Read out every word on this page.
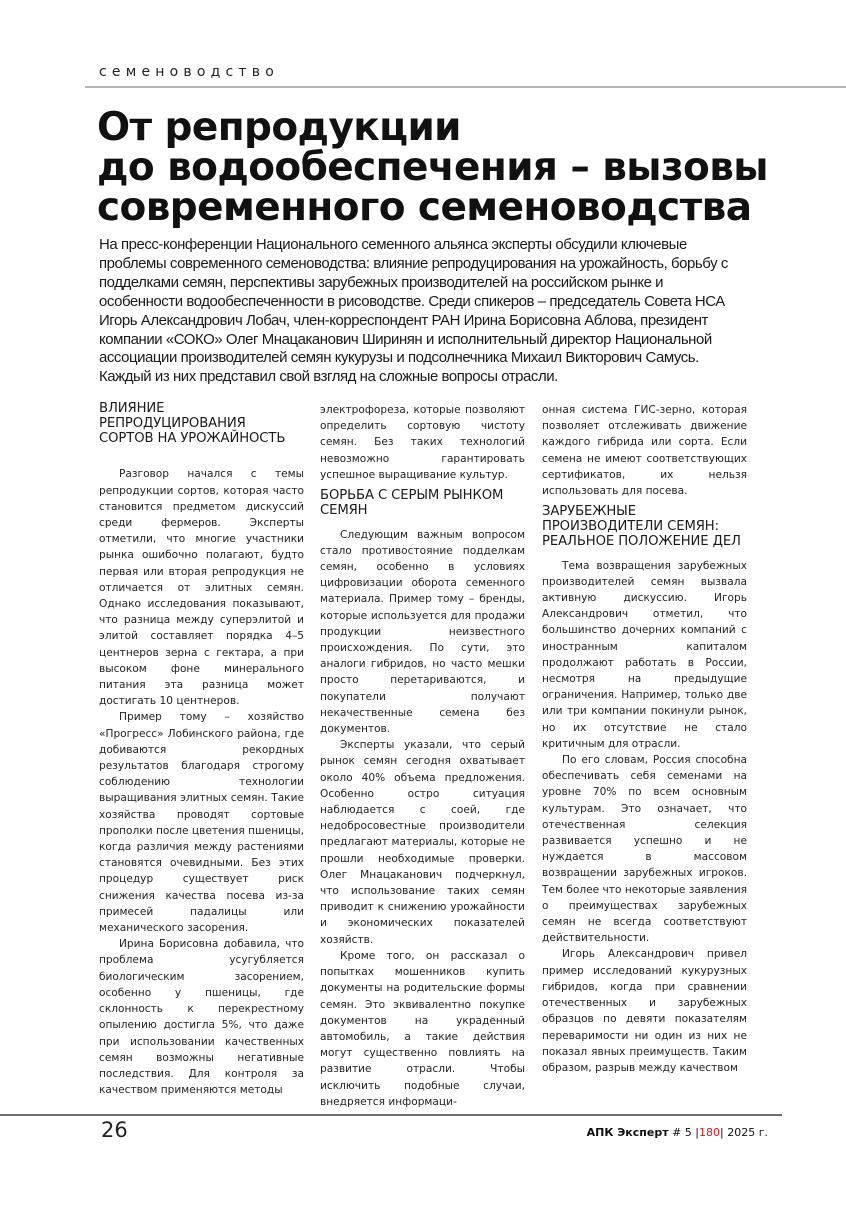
семеноводство
От репродукции
до водообеспечения – вызовы
современного семеноводства

На пресс-конференции Национального семенного альянса эксперты обсудили ключевые проблемы современного семеноводства: влияние репродуцирования на урожайность, борьбу с подделками семян, перспективы зарубежных производителей на российском рынке и особенности водообеспеченности в рисоводстве. Среди спикеров – председатель Совета НСА Игорь Александрович Лобач, член-корреспондент РАН Ирина Борисовна Аблова, президент компании «СОКО» Олег Мнацаканович Ширинян и исполнительный директор Национальной ассоциации производителей семян кукурузы и подсолнечника Михаил Викторович Самусь. Каждый из них представил свой взгляд на сложные вопросы отрасли.

ВЛИЯНИЕ РЕПРОДУЦИРОВАНИЯ СОРТОВ НА УРОЖАЙНОСТЬ

Разговор начался с темы репродукции сортов, которая часто становится предметом дискуссий среди фермеров. Эксперты отметили, что многие участники рынка ошибочно полагают, будто первая или вторая репродукция не отличается от элитных семян. Однако исследования показывают, что разница между суперэлитой и элитой составляет порядка 4–5 центнеров зерна с гектара, а при высоком фоне минерального питания эта разница может достигать 10 центнеров.

Пример тому – хозяйство «Прогресс» Лобинского района, где добиваются рекордных результатов благодаря строгому соблюдению технологии выращивания элитных семян. Такие хозяйства проводят сортовые прополки после цветения пшеницы, когда различия между растениями становятся очевидными. Без этих процедур существует риск снижения качества посева из-за примесей падалицы или механического засорения.

Ирина Борисовна добавила, что проблема усугубляется биологическим засорением, особенно у пшеницы, где склонность к перекрестному опылению достигла 5%, что даже при использовании качественных семян возможны негативные последствия. Для контроля за качеством применяются методы

электрофореза, которые позволяют определить сортовую чистоту семян. Без таких технологий невозможно гарантировать успешное выращивание культур.

БОРЬБА С СЕРЫМ РЫНКОМ СЕМЯН

Следующим важным вопросом стало противостояние подделкам семян, особенно в условиях цифровизации оборота семенного материала. Пример тому – бренды, которые используется для продажи продукции неизвестного происхождения. По сути, это аналоги гибридов, но часто мешки просто перетариваются, и покупатели получают некачественные семена без документов.

Эксперты указали, что серый рынок семян сегодня охватывает около 40% объема предложения. Особенно остро ситуация наблюдается с соей, где недобросовестные производители предлагают материалы, которые не прошли необходимые проверки. Олег Мнацаканович подчеркнул, что использование таких семян приводит к снижению урожайности и экономических показателей хозяйств.

Кроме того, он рассказал о попытках мошенников купить документы на родительские формы семян. Это эквивалентно покупке документов на украденный автомобиль, а такие действия могут существенно повлиять на развитие отрасли. Чтобы исключить подобные случаи, внедряется информаци-

онная система ГИС-зерно, которая позволяет отслеживать движение каждого гибрида или сорта. Если семена не имеют соответствующих сертификатов, их нельзя использовать для посева.

ЗАРУБЕЖНЫЕ ПРОИЗВОДИТЕЛИ СЕМЯН: РЕАЛЬНОЕ ПОЛОЖЕНИЕ ДЕЛ

Тема возвращения зарубежных производителей семян вызвала активную дискуссию. Игорь Александрович отметил, что большинство дочерних компаний с иностранным капиталом продолжают работать в России, несмотря на предыдущие ограничения. Например, только две или три компании покинули рынок, но их отсутствие не стало критичным для отрасли.

По его словам, Россия способна обеспечивать себя семенами на уровне 70% по всем основным культурам. Это означает, что отечественная селекция развивается успешно и не нуждается в массовом возвращении зарубежных игроков. Тем более что некоторые заявления о преимуществах зарубежных семян не всегда соответствуют действительности.

Игорь Александрович привел пример исследований кукурузных гибридов, когда при сравнении отечественных и зарубежных образцов по девяти показателям переваримости ни один из них не показал явных преимуществ. Таким образом, разрыв между качеством

26	АПК Эксперт # 5 |180| 2025 г.
